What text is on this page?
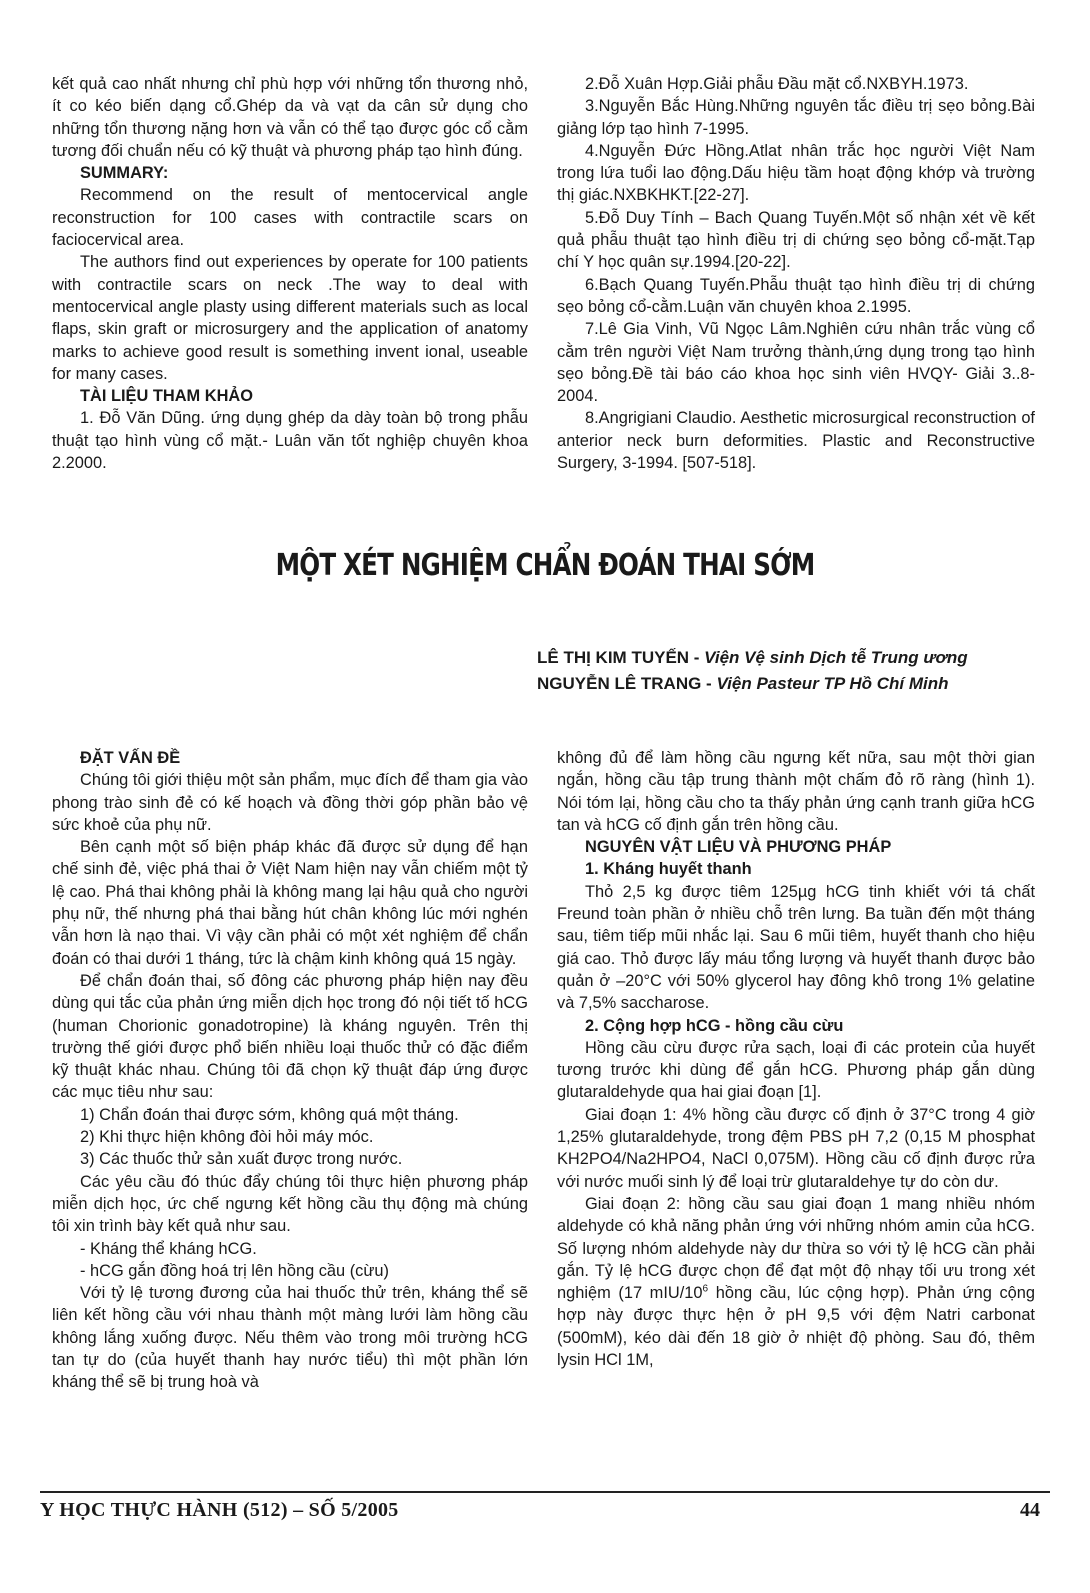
kết quả cao nhất nhưng chỉ phù hợp với những tổn thương nhỏ, ít co kéo biến dạng cổ.Ghép da và vạt da cân sử dụng cho những tổn thương nặng hơn và vẫn có thể tạo được góc cổ cằm tương đối chuẩn nếu có kỹ thuật và phương pháp tạo hình đúng.

SUMMARY:

Recommend on the result of mentocervical angle reconstruction for 100 cases with contractile scars on faciocervical area.

The authors find out experiences by operate for 100 patients with contractile scars on neck .The way to deal with mentocervical angle plasty using different materials such as local flaps, skin graft or microsurgery and the application of anatomy marks to achieve good result is something invent ional, useable for many cases.

TÀI LIỆU THAM KHẢO

1. Đỗ Văn Dũng. ứng dụng ghép da dày toàn bộ trong phẫu thuật tạo hình vùng cổ mặt.- Luân văn tốt nghiệp chuyên khoa 2.2000.

2.Đỗ Xuân Hợp.Giải phẫu Đầu mặt cổ.NXBYH.1973.

3.Nguyễn Bắc Hùng.Những nguyên tắc điều trị sẹo bỏng.Bài giảng lớp tạo hình 7-1995.

4.Nguyễn Đức Hồng.Atlat nhân trắc học người Việt Nam trong lứa tuổi lao động.Dấu hiệu tầm hoạt động khớp và trường thị giác.NXBKHKT.[22-27].

5.Đỗ Duy Tính – Bach Quang Tuyến.Một số nhận xét về kết quả phẫu thuật tạo hình điều trị di chứng sẹo bỏng cổ-mặt.Tạp chí Y học quân sự.1994.[20-22].

6.Bạch Quang Tuyến.Phẫu thuật tạo hình điều trị di chứng sẹo bỏng cổ-cằm.Luận văn chuyên khoa 2.1995.

7.Lê Gia Vinh, Vũ Ngọc Lâm.Nghiên cứu nhân trắc vùng cổ cằm trên người Việt Nam trưởng thành,ứng dụng trong tạo hình sẹo bỏng.Đề tài báo cáo khoa học sinh viên HVQY- Giải 3..8-2004.

8.Angrigiani Claudio. Aesthetic microsurgical reconstruction of anterior neck burn deformities. Plastic and Reconstructive Surgery, 3-1994. [507-518].

MỘT XÉT NGHIỆM CHẨN ĐOÁN THAI SỚM
LÊ THỊ KIM TUYẾN - Viện Vệ sinh Dịch tễ Trung ương
NGUYỄN LÊ TRANG - Viện Pasteur TP Hồ Chí Minh

ĐẶT VẤN ĐỀ

Chúng tôi giới thiệu một sản phẩm, mục đích để tham gia vào phong trào sinh đẻ có kế hoạch và đồng thời góp phần bảo vệ sức khoẻ của phụ nữ.

Bên cạnh một số biện pháp khác đã được sử dụng để hạn chế sinh đẻ, việc phá thai ở Việt Nam hiện nay vẫn chiếm một tỷ lệ cao. Phá thai không phải là không mang lại hậu quả cho người phụ nữ, thế nhưng phá thai bằng hút chân không lúc mới nghén vẫn hơn là nạo thai. Vì vậy cần phải có một xét nghiệm để chẩn đoán có thai dưới 1 tháng, tức là chậm kinh không quá 15 ngày.

Để chẩn đoán thai, số đông các phương pháp hiện nay đều dùng qui tắc của phản ứng miễn dịch học trong đó nội tiết tố hCG (human Chorionic gonadotropine) là kháng nguyên. Trên thị trường thế giới được phổ biến nhiều loại thuốc thử có đặc điểm kỹ thuật khác nhau. Chúng tôi đã chọn kỹ thuật đáp ứng được các mục tiêu như sau:

1) Chẩn đoán thai được sớm, không quá một tháng.

2) Khi thực hiện không đòi hỏi máy móc.

3) Các thuốc thử sản xuất được trong nước.

Các yêu cầu đó thúc đẩy chúng tôi thực hiện phương pháp miễn dịch học, ức chế ngưng kết hồng cầu thụ động mà chúng tôi xin trình bày kết quả như sau.

- Kháng thể kháng hCG.

- hCG gắn đồng hoá trị lên hồng cầu (cừu)

Với tỷ lệ tương đương của hai thuốc thử trên, kháng thể sẽ liên kết hồng cầu với nhau thành một màng lưới làm hồng cầu không lắng xuống được. Nếu thêm vào trong môi trường hCG tan tự do (của huyết thanh hay nước tiểu) thì một phần lớn kháng thể sẽ bị trung hoà và

không đủ để làm hồng cầu ngưng kết nữa, sau một thời gian ngắn, hồng cầu tập trung thành một chấm đỏ rõ ràng (hình 1). Nói tóm lại, hồng cầu cho ta thấy phản ứng cạnh tranh giữa hCG tan và hCG cố định gắn trên hồng cầu.

NGUYÊN VẬT LIỆU VÀ PHƯƠNG PHÁP

1. Kháng huyết thanh

Thỏ 2,5 kg được tiêm 125µg hCG tinh khiết với tá chất Freund toàn phần ở nhiều chỗ trên lưng. Ba tuần đến một tháng sau, tiêm tiếp mũi nhắc lại. Sau 6 mũi tiêm, huyết thanh cho hiệu giá cao. Thỏ được lấy máu tổng lượng và huyết thanh được bảo quản ở –20°C với 50% glycerol hay đông khô trong 1% gelatine và 7,5% saccharose.

2. Cộng hợp hCG - hồng cầu cừu

Hồng cầu cừu được rửa sạch, loại đi các protein của huyết tương trước khi dùng để gắn hCG. Phương pháp gắn dùng glutaraldehyde qua hai giai đoạn [1].

Giai đoạn 1: 4% hồng cầu được cố định ở 37°C trong 4 giờ 1,25% glutaraldehyde, trong đệm PBS pH 7,2 (0,15 M phosphat KH2PO4/Na2HPO4, NaCl 0,075M). Hồng cầu cố định được rửa với nước muối sinh lý để loại trừ glutaraldehye tự do còn dư.

Giai đoạn 2: hồng cầu sau giai đoạn 1 mang nhiều nhóm aldehyde có khả năng phản ứng với những nhóm amin của hCG. Số lượng nhóm aldehyde này dư thừa so với tỷ lệ hCG cần phải gắn. Tỷ lệ hCG được chọn để đạt một độ nhạy tối ưu trong xét nghiệm (17 mIU/$10^6$ hồng cầu, lúc cộng hợp). Phản ứng cộng hợp này được thực hện ở pH 9,5 với đệm Natri carbonat (500mM), kéo dài đến 18 giờ ở nhiệt độ phòng. Sau đó, thêm lysin HCl 1M,

Y HỌC THỰC HÀNH (512) – SỐ 5/2005	44
